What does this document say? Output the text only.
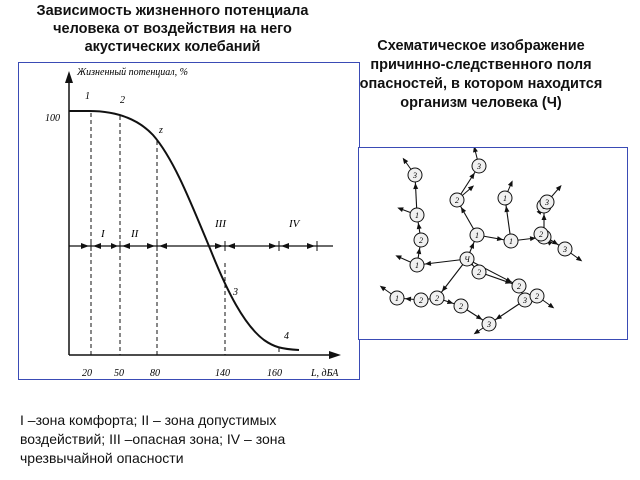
Зависимость жизненного потенциала
человека от воздействия на него
акустических колебаний	Схематическое изображение
причинно-следственного поля
опасностей, в котором находится
организм человека (Ч)
Жизненный потенциал, %
100
L, дБА
20 50	80	140	160
I II
III	IV
1	2
z
3
4
Ч
1
1
1
2
2
2
3
3
2
1	2
3
2
1
2
1
2
3
2
3
3
I –зона комфорта; II – зона допустимых воздействий; III –опасная зона; IV – зона чрезвычайной опасности
